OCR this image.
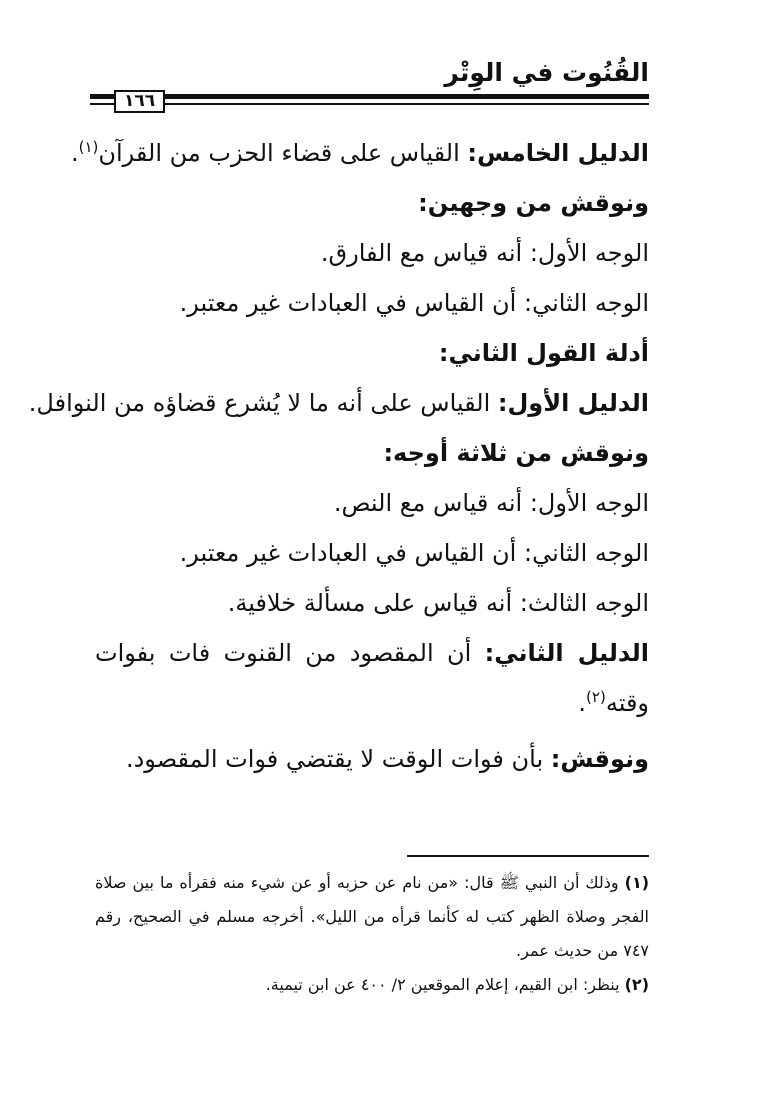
القُنُوت في الوِتْر
١٦٦
الدليل الخامس: القياس على قضاء الحزب من القرآن$^{(١)}$.
ونوقش من وجهين:
الوجه الأول: أنه قياس مع الفارق.
الوجه الثاني: أن القياس في العبادات غير معتبر.
أدلة القول الثاني:
الدليل الأول: القياس على أنه ما لا يُشرع قضاؤه من النوافل.
ونوقش من ثلاثة أوجه:
الوجه الأول: أنه قياس مع النص.
الوجه الثاني: أن القياس في العبادات غير معتبر.
الوجه الثالث: أنه قياس على مسألة خلافية.
الدليل الثاني: أن المقصود من القنوت فات بفوات وقته$^{(٢)}$.
ونوقش: بأن فوات الوقت لا يقتضي فوات المقصود.

(١) وذلك أن النبي ﷺ قال: «من نام عن حزبه أو عن شيء منه فقرأه ما بين صلاة الفجر وصلاة الظهر كتب له كأنما قرأه من الليل». أخرجه مسلم في الصحيح، رقم ٧٤٧ من حديث عمر.

(٢) ينظر: ابن القيم، إعلام الموقعين ٢/ ٤٠٠ عن ابن تيمية.
